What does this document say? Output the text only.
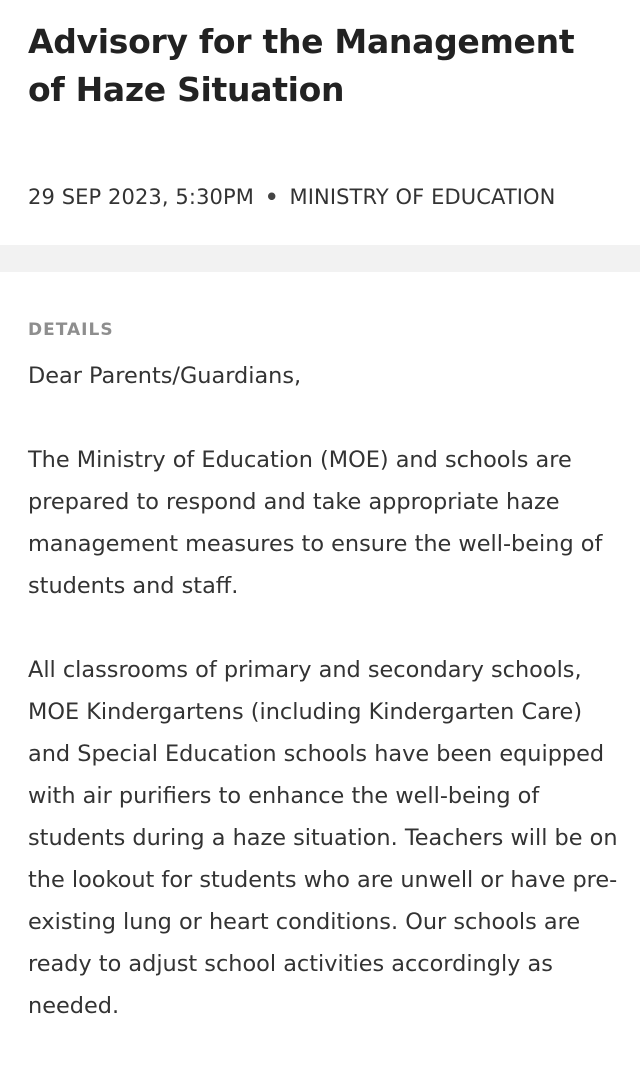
Advisory for the Management of Haze Situation
29 SEP 2023, 5:30PM • MINISTRY OF EDUCATION
DETAILS

Dear Parents/Guardians,

The Ministry of Education (MOE) and schools are prepared to respond and take appropriate haze management measures to ensure the well-being of students and staff.

All classrooms of primary and secondary schools, MOE Kindergartens (including Kindergarten Care) and Special Education schools have been equipped with air purifiers to enhance the well-being of students during a haze situation. Teachers will be on the lookout for students who are unwell or have pre-existing lung or heart conditions. Our schools are ready to adjust school activities accordingly as needed.
